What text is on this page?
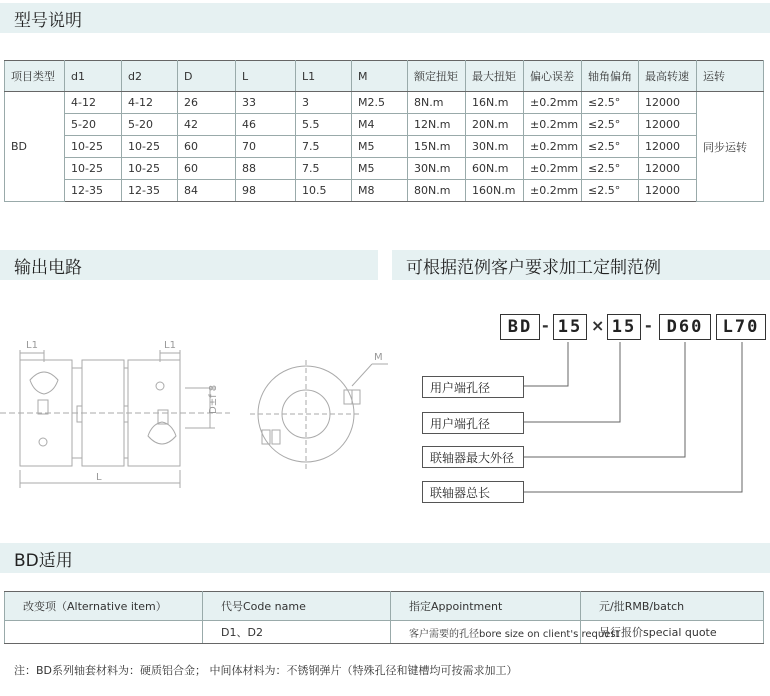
型号说明
输出电路	可根据范例客户要求加工定制范例
BD适用
项目类型	d1	d2	D	L	L1	M	额定扭矩	最大扭矩	偏心误差	轴角偏角	最高转速	运转
BD	4-12	4-12	26	33	3	M2.5	8N.m	16N.m	±0.2mm	≤2.5°	12000	同步运转
	5-20	5-20	42	46	5.5	M4	12N.m	20N.m	±0.2mm	≤2.5°	12000	
	10-25	10-25	60	70	7.5	M5	15N.m	30N.m	±0.2mm	≤2.5°	12000	
	10-25	10-25	60	88	7.5	M5	30N.m	60N.m	±0.2mm	≤2.5°	12000	
	12-35	12-35	84	98	10.5	M8	80N.m	160N.m	±0.2mm	≤2.5°	12000	
L1	L1
L
D±f 8
M
BD - 15 × 15 - D60	L70
用户端孔径
用户端孔径
联轴器最大外径
联轴器总长
改变项（Alternative item）	代号Code name	指定Appointment	元/批RMB/batch
	D1、D2	客户需要的孔径bore size on client's request	另行报价special quote
注：BD系列轴套材料为：硬质铝合金； 中间体材料为：不锈钢弹片（特殊孔径和键槽均可按需求加工）
